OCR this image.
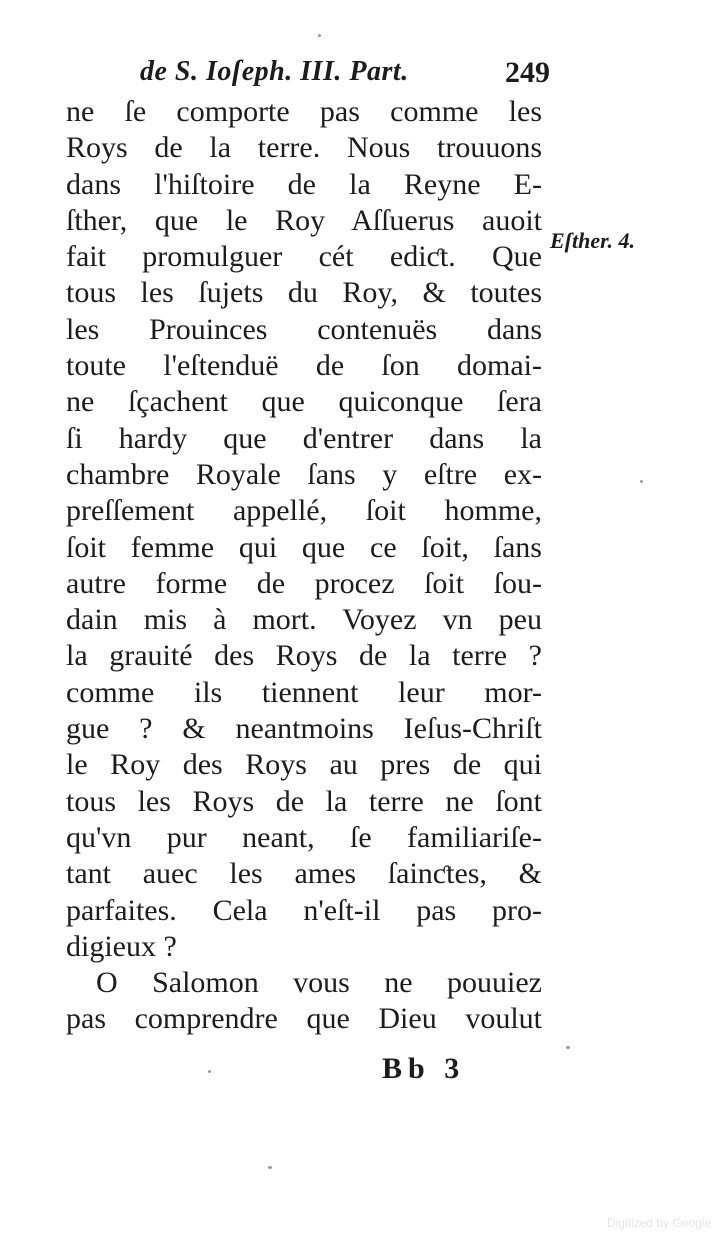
de S. Ioſeph. III. Part.	249
Eſther. 4.
ne ſe comporte pas comme les
Roys de la terre. Nous trouuons
dans l'hiſtoire de la Reyne E-
ſther, que le Roy Aſſuerus auoit
fait promulguer cét ediƈt. Que
tous les ſujets du Roy, & toutes
les Prouinces contenuës dans
toute l'eſtenduë de ſon domai-
ne ſçachent que quiconque ſera
ſi hardy que d'entrer dans la
chambre Royale ſans y eſtre ex-
preſſement appellé, ſoit homme,
ſoit femme qui que ce ſoit, ſans
autre forme de procez ſoit ſou-
dain mis à mort. Voyez vn peu
la grauité des Roys de la terre ?
comme ils tiennent leur mor-
gue ? & neantmoins Ieſus-Chriſt
le Roy des Roys au pres de qui
tous les Roys de la terre ne ſont
qu'vn pur neant, ſe familiariſe-
tant auec les ames ſainƈtes, &
parfaites. Cela n'eſt-il pas pro-
digieux ?
O Salomon vous ne pouuiez
pas comprendre que Dieu voulut
Bb 3
Digitized by Google
